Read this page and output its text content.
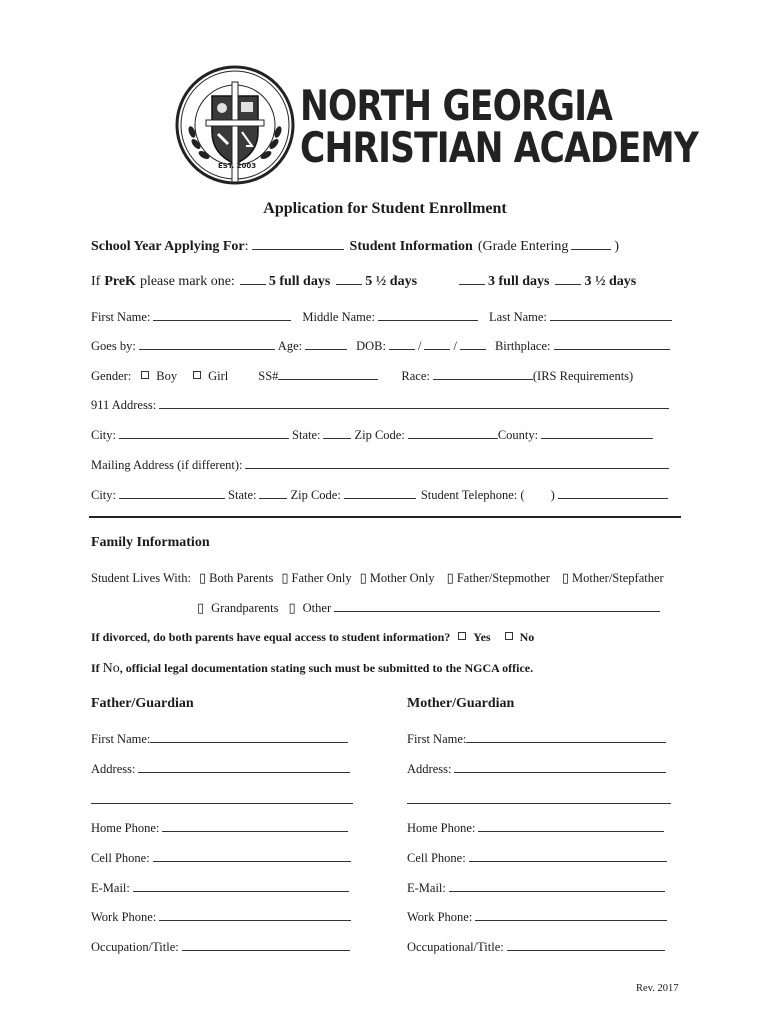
EST. 2003
NORTH GEORGIA
CHRISTIAN ACADEMY
Application for Student Enrollment
School Year Applying For :	Student Information (Grade Entering	)
If PreK please mark one: 5 full days	5 ½ days	3 full days	3 ½ days
First Name:	Middle Name:	Last Name:
Goes by:	Age:	DOB:	/	/	Birthplace:
Gender: Boy Girl SS#	Race:	(IRS Requirements)
911 Address:
City:	State:	Zip Code:	County:
Mailing Address (if different):
City:	State:	Zip Code:	Student Telephone: ( )
Family Information
Student Lives With: ▯ Both Parents ▯ Father Only ▯ Mother Only ▯ Father/Stepmother ▯ Mother/Stepfather
▯ Grandparents ▯ Other
If divorced, do both parents have equal access to student information? Yes No
If No , official legal documentation stating such must be submitted to the NGCA office.
Father/Guardian	Mother/Guardian
First Name:
Address:
Home Phone:
Cell Phone:
E-Mail:
Work Phone:
Occupation/Title:
First Name:
Address:
Home Phone:
Cell Phone:
E-Mail:
Work Phone:
Occupational/Title:
Rev. 2017
